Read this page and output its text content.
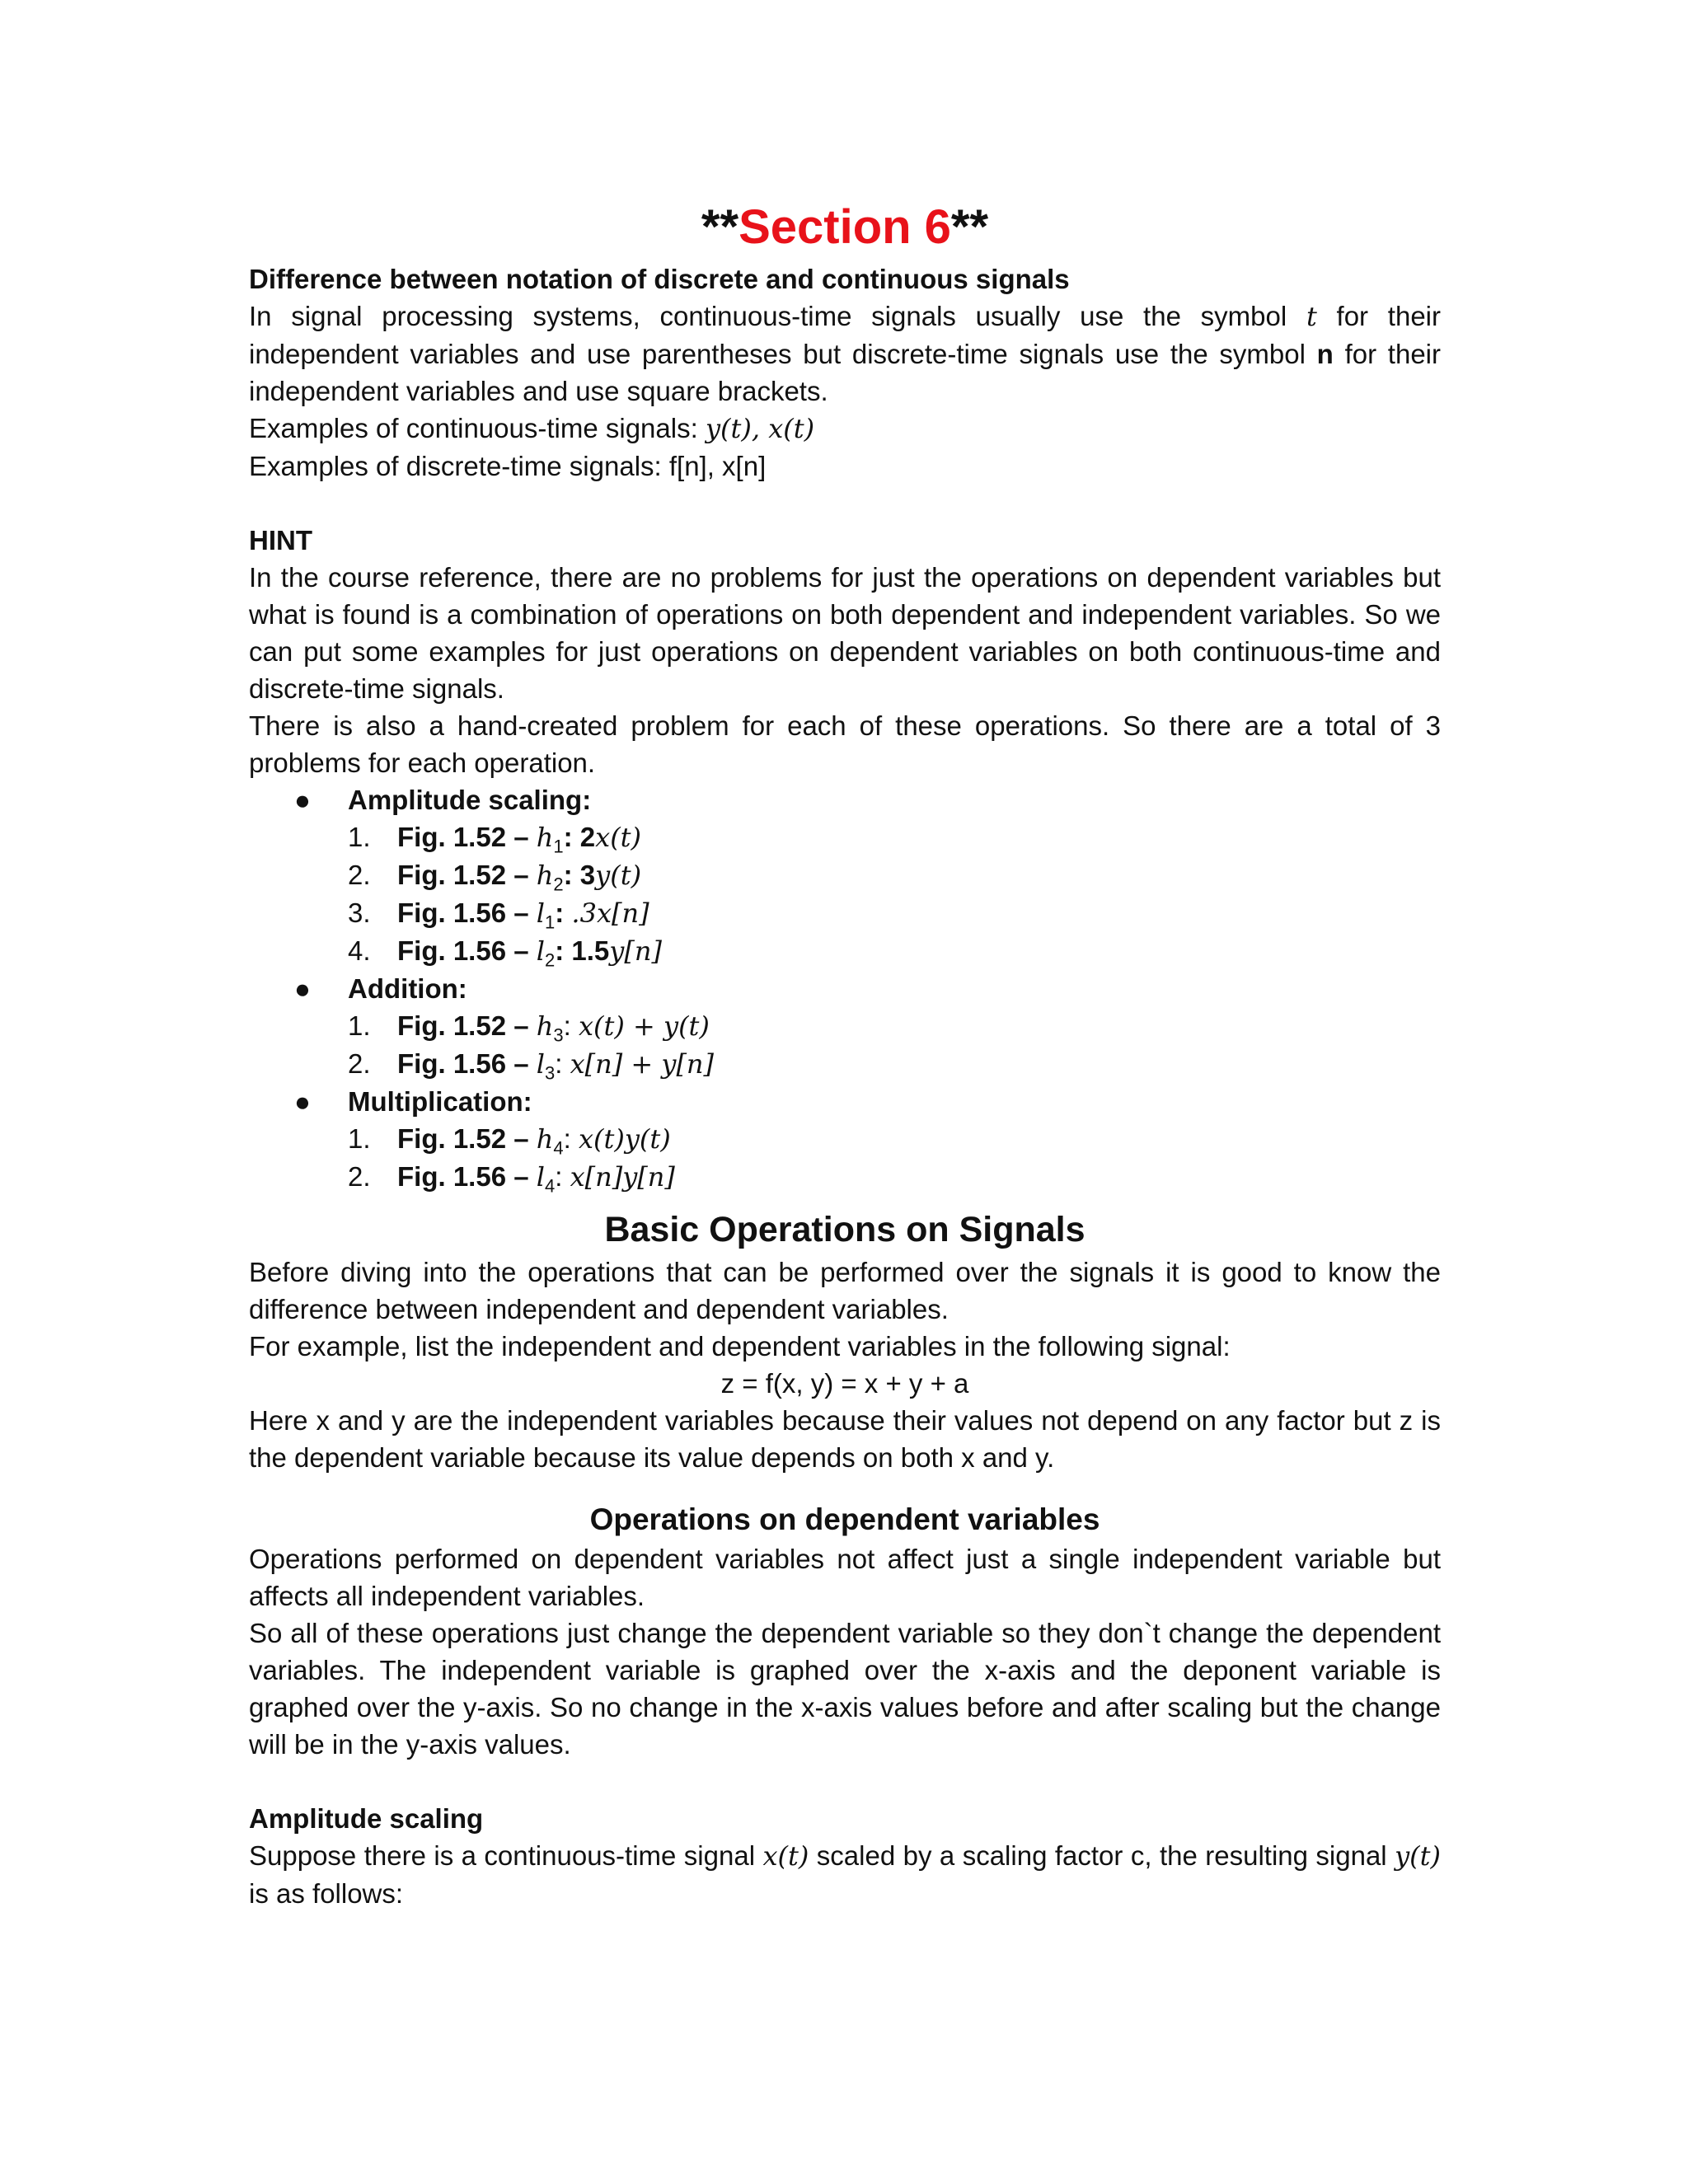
**Section 6**
Difference between notation of discrete and continuous signals

In signal processing systems, continuous-time signals usually use the symbol t for their independent variables and use parentheses but discrete-time signals use the symbol n for their independent variables and use square brackets.

Examples of continuous-time signals: y(t), x(t)
Examples of discrete-time signals: f[n], x[n]
HINT

In the course reference, there are no problems for just the operations on dependent variables but what is found is a combination of operations on both dependent and independent variables. So we can put some examples for just operations on dependent variables on both continuous-time and discrete-time signals.

There is also a hand-created problem for each of these operations. So there are a total of 3 problems for each operation.

● Amplitude scaling:
1. Fig. $1.52 - h_1$: 2x(t)
2. Fig. $1.52 - h_2$: 3y(t)
3. Fig. $1.56 - l_1$: .3x[n]
4. Fig. $1.56 - l_2$: 1.5y[n]
● Addition:
1. Fig. $1.52 - h_3$: x(t) + y(t)
2. Fig. $1.56 - l_3$: x[n] + y[n]
● Multiplication:
1. Fig. $1.52 - h_4$: x(t)y(t)
2. Fig. $1.56 - l_4$: x[n]y[n]
Basic Operations on Signals

Before diving into the operations that can be performed over the signals it is good to know the difference between independent and dependent variables.

For example, list the independent and dependent variables in the following signal:

z = f(x, y) = x + y + a

Here x and y are the independent variables because their values not depend on any factor but z is the dependent variable because its value depends on both x and y.

Operations on dependent variables

Operations performed on dependent variables not affect just a single independent variable but affects all independent variables.

So all of these operations just change the dependent variable so they don`t change the dependent variables. The independent variable is graphed over the x-axis and the deponent variable is graphed over the y-axis. So no change in the x-axis values before and after scaling but the change will be in the y-axis values.

Amplitude scaling

Suppose there is a continuous-time signal x(t) scaled by a scaling factor c, the resulting signal y(t) is as follows:
